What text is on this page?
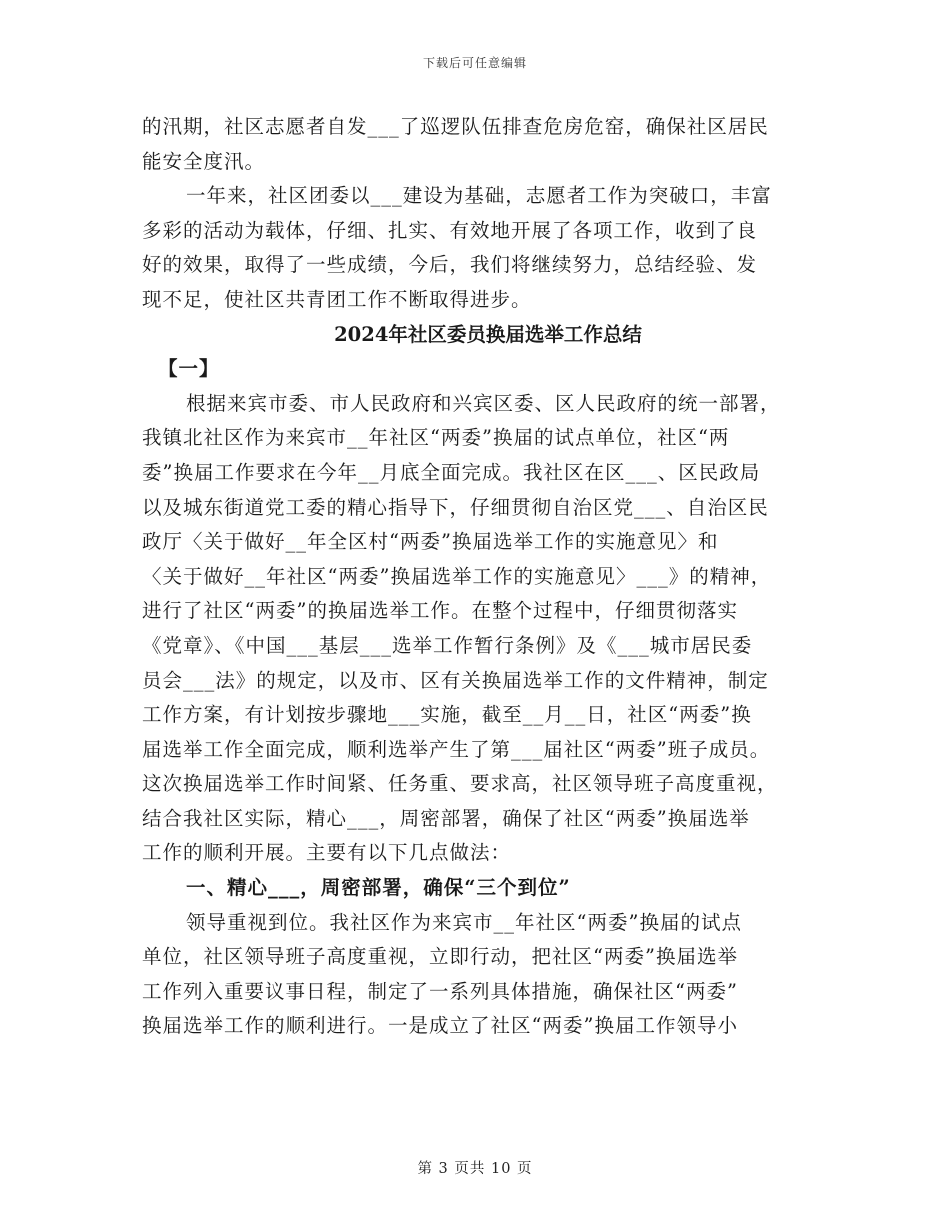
下载后可任意编辑
的汛期，社区志愿者自发___了巡逻队伍排查危房危窑，确保社区居民
能安全度汛。
一年来，社区团委以___建设为基础，志愿者工作为突破口，丰富
多彩的活动为载体，仔细、扎实、有效地开展了各项工作，收到了良
好的效果，取得了一些成绩，今后，我们将继续努力，总结经验、发
现不足，使社区共青团工作不断取得进步。
2024年社区委员换届选举工作总结
【一】
根据来宾市委、市人民政府和兴宾区委、区人民政府的统一部署，
我镇北社区作为来宾市__年社区“两委”换届的试点单位，社区“两
委”换届工作要求在今年__月底全面完成。我社区在区___、区民政局
以及城东街道党工委的精心指导下，仔细贯彻自治区党___、自治区民
政厅〈关于做好__年全区村“两委”换届选举工作的实施意见〉和
〈关于做好__年社区“两委”换届选举工作的实施意见〉___》的精神，
进行了社区“两委”的换届选举工作。在整个过程中，仔细贯彻落实
《党章》、《中国___基层___选举工作暂行条例》及《___城市居民委
员会___法》的规定，以及市、区有关换届选举工作的文件精神，制定
工作方案，有计划按步骤地___实施，截至__月__日，社区“两委”换
届选举工作全面完成，顺利选举产生了第___届社区“两委”班子成员。
这次换届选举工作时间紧、任务重、要求高，社区领导班子高度重视，
结合我社区实际，精心___，周密部署，确保了社区“两委”换届选举
工作的顺利开展。主要有以下几点做法：
一、精心___，周密部署，确保“三个到位”
领导重视到位。我社区作为来宾市__年社区“两委”换届的试点
单位，社区领导班子高度重视，立即行动，把社区“两委”换届选举
工作列入重要议事日程，制定了一系列具体措施，确保社区“两委”
换届选举工作的顺利进行。一是成立了社区“两委”换届工作领导小
第 3 页共 10 页
